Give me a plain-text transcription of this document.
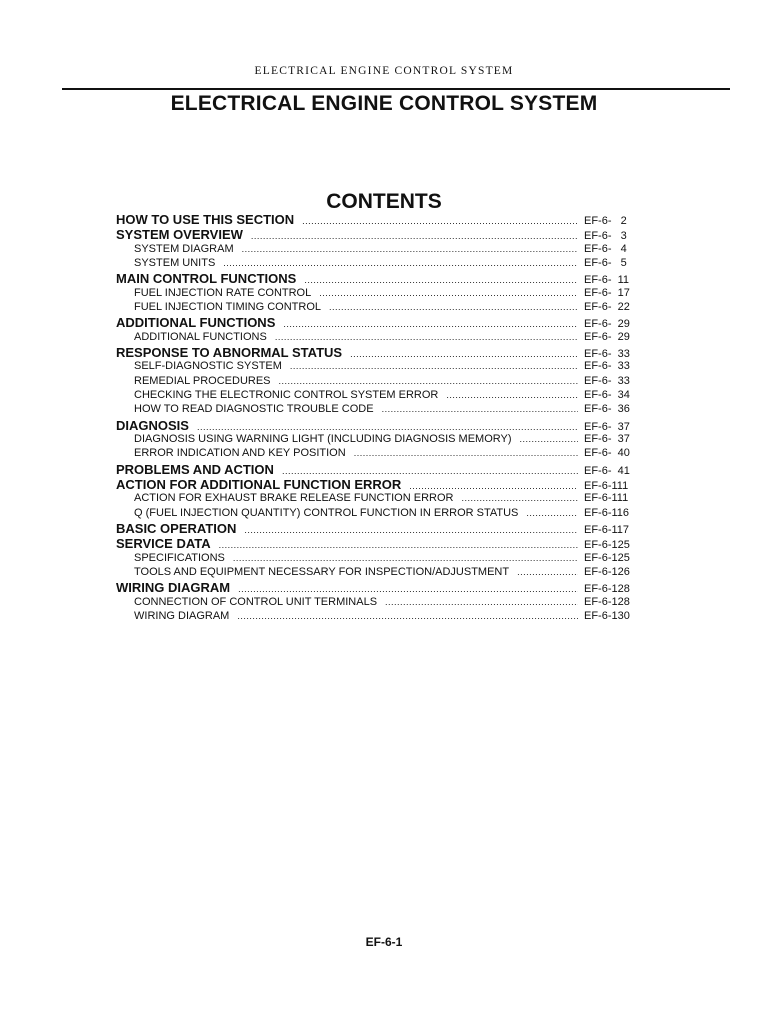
ELECTRICAL ENGINE CONTROL SYSTEM
ELECTRICAL ENGINE CONTROL SYSTEM
CONTENTS
HOW TO USE THIS SECTION .....	EF-6-   2
SYSTEM OVERVIEW .....	EF-6-   3
SYSTEM DIAGRAM .....	EF-6-   4
SYSTEM UNITS .....	EF-6-   5
MAIN CONTROL FUNCTIONS .....	EF-6-  11
FUEL INJECTION RATE CONTROL .....	EF-6-  17
FUEL INJECTION TIMING CONTROL .....	EF-6-  22
ADDITIONAL FUNCTIONS .....	EF-6-  29
ADDITIONAL FUNCTIONS .....	EF-6-  29
RESPONSE TO ABNORMAL STATUS .....	EF-6-  33
SELF-DIAGNOSTIC SYSTEM .....	EF-6-  33
REMEDIAL PROCEDURES .....	EF-6-  33
CHECKING THE ELECTRONIC CONTROL SYSTEM ERROR .....	EF-6-  34
HOW TO READ DIAGNOSTIC TROUBLE CODE .....	EF-6-  36
DIAGNOSIS .....	EF-6-  37
DIAGNOSIS USING WARNING LIGHT (INCLUDING DIAGNOSIS MEMORY) .....	EF-6-  37
ERROR INDICATION AND KEY POSITION .....	EF-6-  40
PROBLEMS AND ACTION .....	EF-6-  41
ACTION FOR ADDITIONAL FUNCTION ERROR .....	EF-6-111
ACTION FOR EXHAUST BRAKE RELEASE FUNCTION ERROR .....	EF-6-111
Q (FUEL INJECTION QUANTITY) CONTROL FUNCTION IN ERROR STATUS .....	EF-6-116
BASIC OPERATION .....	EF-6-117
SERVICE DATA .....	EF-6-125
SPECIFICATIONS .....	EF-6-125
TOOLS AND EQUIPMENT NECESSARY FOR INSPECTION/ADJUSTMENT .....	EF-6-126
WIRING DIAGRAM .....	EF-6-128
CONNECTION OF CONTROL UNIT TERMINALS .....	EF-6-128
WIRING DIAGRAM .....	EF-6-130
EF-6-1
